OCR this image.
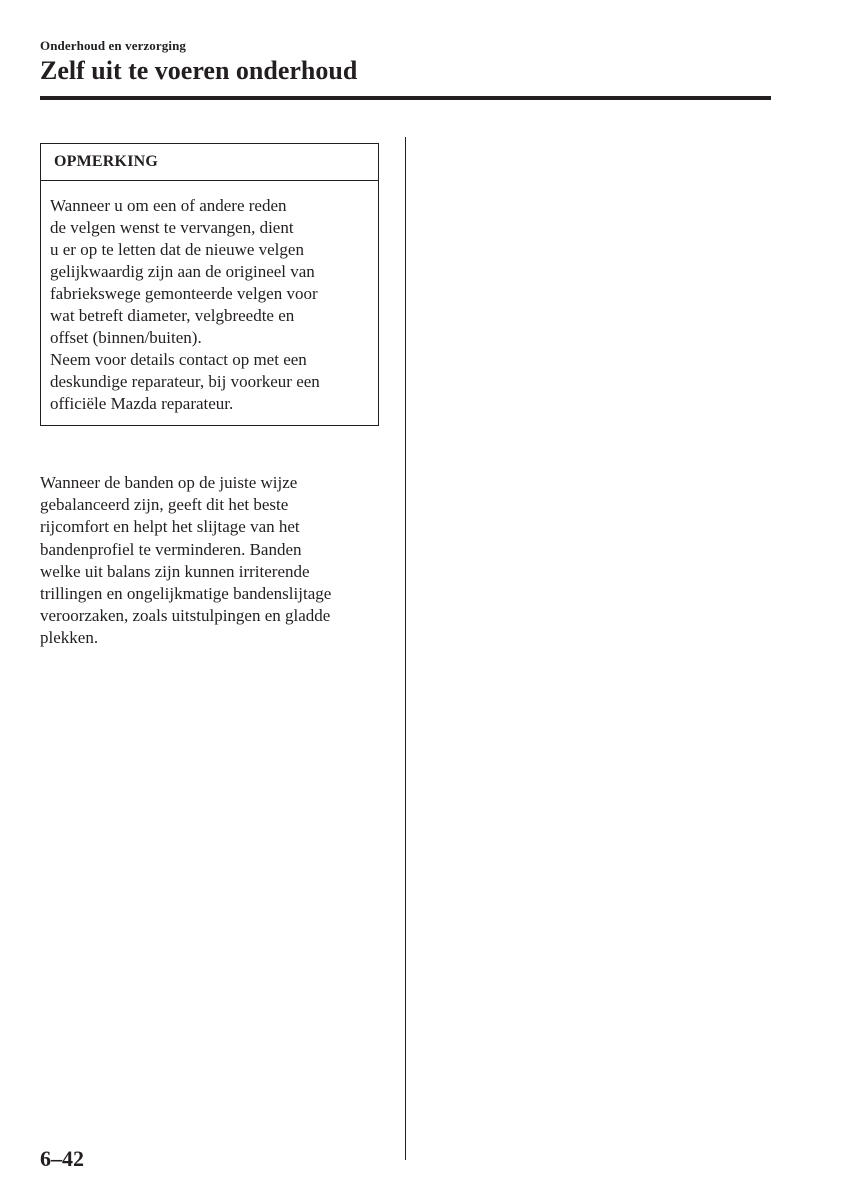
Onderhoud en verzorging
Zelf uit te voeren onderhoud
OPMERKING
Wanneer u om een of andere reden
de velgen wenst te vervangen, dient
u er op te letten dat de nieuwe velgen
gelijkwaardig zijn aan de origineel van
fabriekswege gemonteerde velgen voor
wat betreft diameter, velgbreedte en
offset (binnen/buiten).
Neem voor details contact op met een
deskundige reparateur, bij voorkeur een
officiële Mazda reparateur.
Wanneer de banden op de juiste wijze
gebalanceerd zijn, geeft dit het beste
rijcomfort en helpt het slijtage van het
bandenprofiel te verminderen. Banden
welke uit balans zijn kunnen irriterende
trillingen en ongelijkmatige bandenslijtage
veroorzaken, zoals uitstulpingen en gladde
plekken.
6–42
